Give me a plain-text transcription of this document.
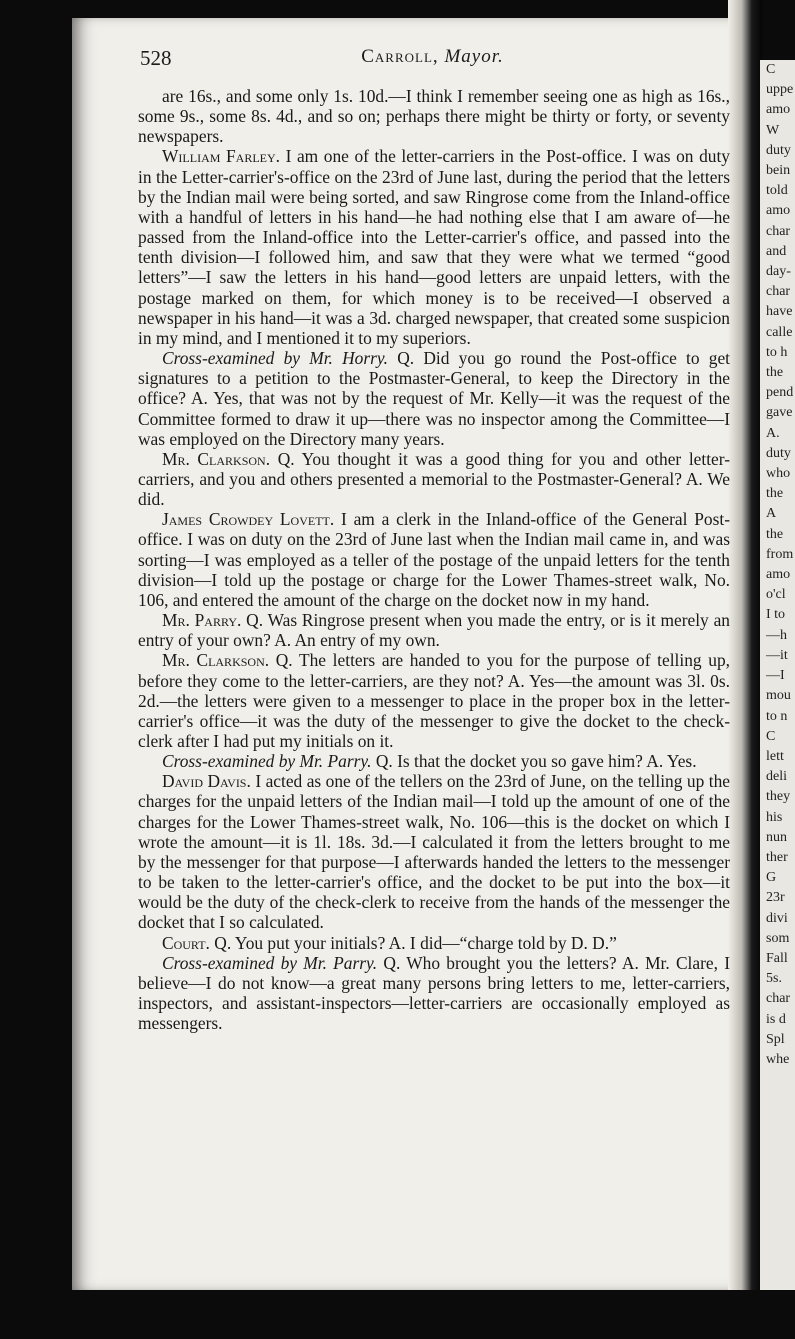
C
uppe
amo
W
duty
bein
told
amo
char
and
day-
char
have
calle
to h
the
pend
gave
A.
duty
who
the
A
the
from
amo
o'cl
I to
—h
—it
—I
mou
to n
C
lett
deli
they
his
nun
ther
G
23r
divi
som
Fall
5s.
char
is d
Spl
whe
528	Carroll, Mayor.

are 16s., and some only 1s. 10d.—I think I remember seeing one as high as 16s., some 9s., some 8s. 4d., and so on; perhaps there might be thirty or forty, or seventy newspapers.

William Farley. I am one of the letter-carriers in the Post-office. I was on duty in the Letter-carrier's-office on the 23rd of June last, during the period that the letters by the Indian mail were being sorted, and saw Ringrose come from the Inland-office with a handful of letters in his hand—he had nothing else that I am aware of—he passed from the Inland-office into the Letter-carrier's office, and passed into the tenth division—I followed him, and saw that they were what we termed “good letters”—I saw the letters in his hand—good letters are unpaid letters, with the postage marked on them, for which money is to be received—I observed a newspaper in his hand—it was a 3d. charged newspaper, that created some suspicion in my mind, and I mentioned it to my superiors.

Cross-examined by Mr. Horry. Q. Did you go round the Post-office to get signatures to a petition to the Postmaster-General, to keep the Directory in the office? A. Yes, that was not by the request of Mr. Kelly—it was the request of the Committee formed to draw it up—there was no inspector among the Committee—I was employed on the Directory many years.

Mr. Clarkson. Q. You thought it was a good thing for you and other letter-carriers, and you and others presented a memorial to the Postmaster-General? A. We did.

James Crowdey Lovett. I am a clerk in the Inland-office of the General Post-office. I was on duty on the 23rd of June last when the Indian mail came in, and was sorting—I was employed as a teller of the postage of the unpaid letters for the tenth division—I told up the postage or charge for the Lower Thames-street walk, No. 106, and entered the amount of the charge on the docket now in my hand.

Mr. Parry. Q. Was Ringrose present when you made the entry, or is it merely an entry of your own? A. An entry of my own.

Mr. Clarkson. Q. The letters are handed to you for the purpose of telling up, before they come to the letter-carriers, are they not? A. Yes—the amount was 3l. 0s. 2d.—the letters were given to a messenger to place in the proper box in the letter-carrier's office—it was the duty of the messenger to give the docket to the check-clerk after I had put my initials on it.

Cross-examined by Mr. Parry. Q. Is that the docket you so gave him? A. Yes.

David Davis. I acted as one of the tellers on the 23rd of June, on the telling up the charges for the unpaid letters of the Indian mail—I told up the amount of one of the charges for the Lower Thames-street walk, No. 106—this is the docket on which I wrote the amount—it is 1l. 18s. 3d.—I calculated it from the letters brought to me by the messenger for that purpose—I afterwards handed the letters to the messenger to be taken to the letter-carrier's office, and the docket to be put into the box—it would be the duty of the check-clerk to receive from the hands of the messenger the docket that I so calculated.

Court. Q. You put your initials? A. I did—“charge told by D. D.”

Cross-examined by Mr. Parry. Q. Who brought you the letters? A. Mr. Clare, I believe—I do not know—a great many persons bring letters to me, letter-carriers, inspectors, and assistant-inspectors—letter-carriers are occasionally employed as messengers.
